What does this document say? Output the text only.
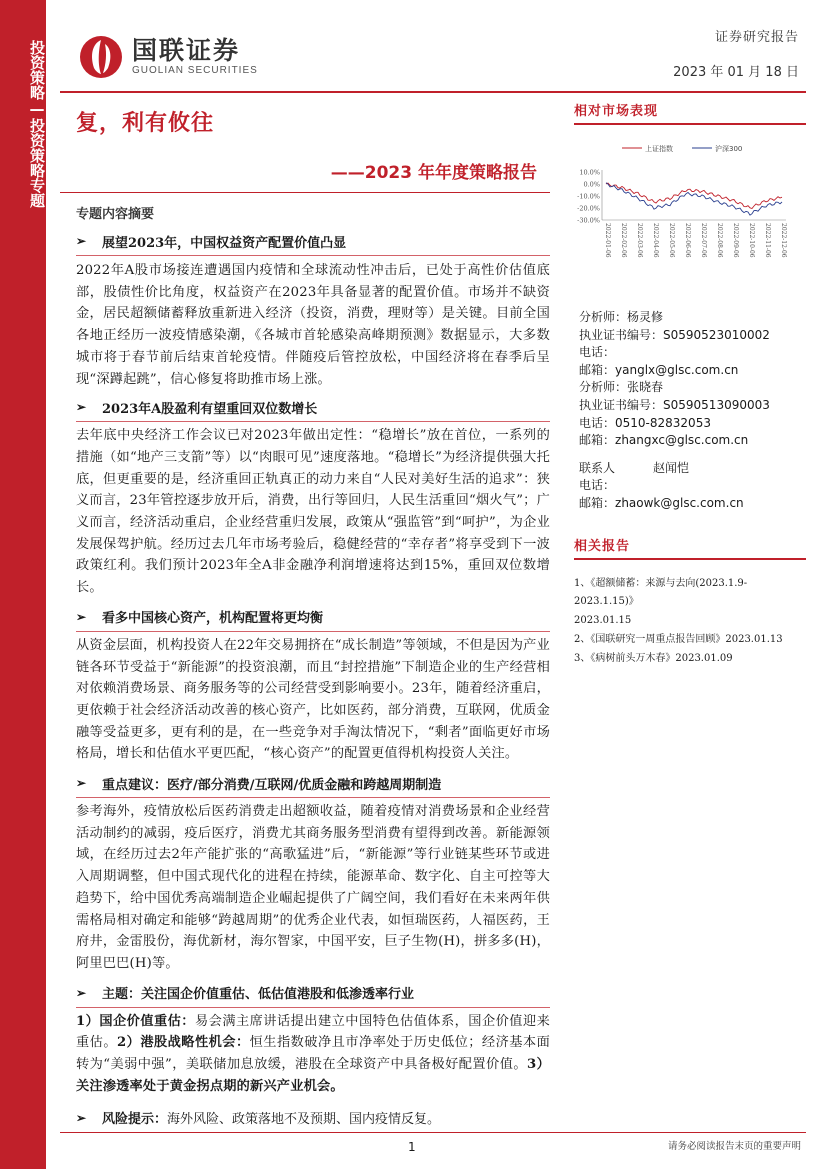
投资策略—投资策略专题	国联证券
GUOLIAN SECURITIES
证券研究报告
2023 年 01 月 18 日
复，利有攸往
——2023 年年度策略报告
专题内容摘要
➢	展望2023年，中国权益资产配置价值凸显
2022年A股市场接连遭遇国内疫情和全球流动性冲击后，已处于高性价估值底部，股债性价比角度，权益资产在2023年具备显著的配置价值。市场并不缺资金，居民超额储蓄释放重新进入经济（投资，消费，理财等）是关键。目前全国各地正经历一波疫情感染潮，《各城市首轮感染高峰期预测》数据显示，大多数城市将于春节前后结束首轮疫情。伴随疫后管控放松，中国经济将在春季后呈现“深蹲起跳”，信心修复将助推市场上涨。
➢	2023年A股盈利有望重回双位数增长
去年底中央经济工作会议已对2023年做出定性：“稳增长”放在首位，一系列的措施（如“地产三支箭”等）以“肉眼可见”速度落地。“稳增长”为经济提供强大托底，但更重要的是，经济重回正轨真正的动力来自“人民对美好生活的追求”：狭义而言，23年管控逐步放开后，消费，出行等回归，人民生活重回“烟火气”；广义而言，经济活动重启，企业经营重归发展，政策从“强监管”到“呵护”，为企业发展保驾护航。经历过去几年市场考验后，稳健经营的“幸存者”将享受到下一波政策红利。我们预计2023年全A非金融净利润增速将达到15%，重回双位数增长。
➢	看多中国核心资产，机构配置将更均衡
从资金层面，机构投资人在22年交易拥挤在“成长制造”等领域，不但是因为产业链各环节受益于“新能源”的投资浪潮，而且“封控措施”下制造企业的生产经营相对依赖消费场景、商务服务等的公司经营受到影响要小。23年，随着经济重启，更依赖于社会经济活动改善的核心资产，比如医药，部分消费，互联网，优质金融等受益更多，更有利的是，在一些竞争对手淘汰情况下，“剩者”面临更好市场格局，增长和估值水平更匹配，“核心资产”的配置更值得机构投资人关注。
➢	重点建议：医疗/部分消费/互联网/优质金融和跨越周期制造
参考海外，疫情放松后医药消费走出超额收益，随着疫情对消费场景和企业经营活动制约的减弱，疫后医疗，消费尤其商务服务型消费有望得到改善。新能源领域，在经历过去2年产能扩张的“高歌猛进”后，“新能源”等行业链某些环节或进入周期调整，但中国式现代化的进程在持续，能源革命、数字化、自主可控等大趋势下，给中国优秀高端制造企业崛起提供了广阔空间，我们看好在未来两年供需格局相对确定和能够“跨越周期”的优秀企业代表，如恒瑞医药，人福医药，王府井，金雷股份，海优新材，海尔智家，中国平安，巨子生物(H)，拼多多(H)，阿里巴巴(H)等。
➢	主题：关注国企价值重估、低估值港股和低渗透率行业
1）国企价值重估：易会满主席讲话提出建立中国特色估值体系，国企价值迎来重估。2）港股战略性机会：恒生指数破净且市净率处于历史低位；经济基本面转为“美弱中强”，美联储加息放缓，港股在全球资产中具备极好配置价值。3）关注渗透率处于黄金拐点期的新兴产业机会。
➢	风险提示： 海外风险、政策落地不及预期、国内疫情反复。
相对市场表现
上证指数	沪深300
10.0%
0.0%
-10.0%
-20.0%
-30.0%
2022-01-06 2022-02-06 2022-03-06 2022-04-06 2022-05-06 2022-06-06 2022-07-06 2022-08-06 2022-09-06 2022-10-06 2022-11-06 2022-12-06
分析师：杨灵修
执业证书编号：S0590523010002
电话：
邮箱：yanglx@glsc.com.cn
分析师：张晓春
执业证书编号：S0590513090003
电话：0510-82832053
邮箱：zhangxc@glsc.com.cn
联系人	赵闻恺
电话：
邮箱：zhaowk@glsc.com.cn
相关报告
1、《超额储蓄：来源与去向(2023.1.9-2023.1.15)》
2023.01.15
2、《国联研究一周重点报告回顾》2023.01.13
3、《病树前头万木春》2023.01.09
1	请务必阅读报告末页的重要声明
